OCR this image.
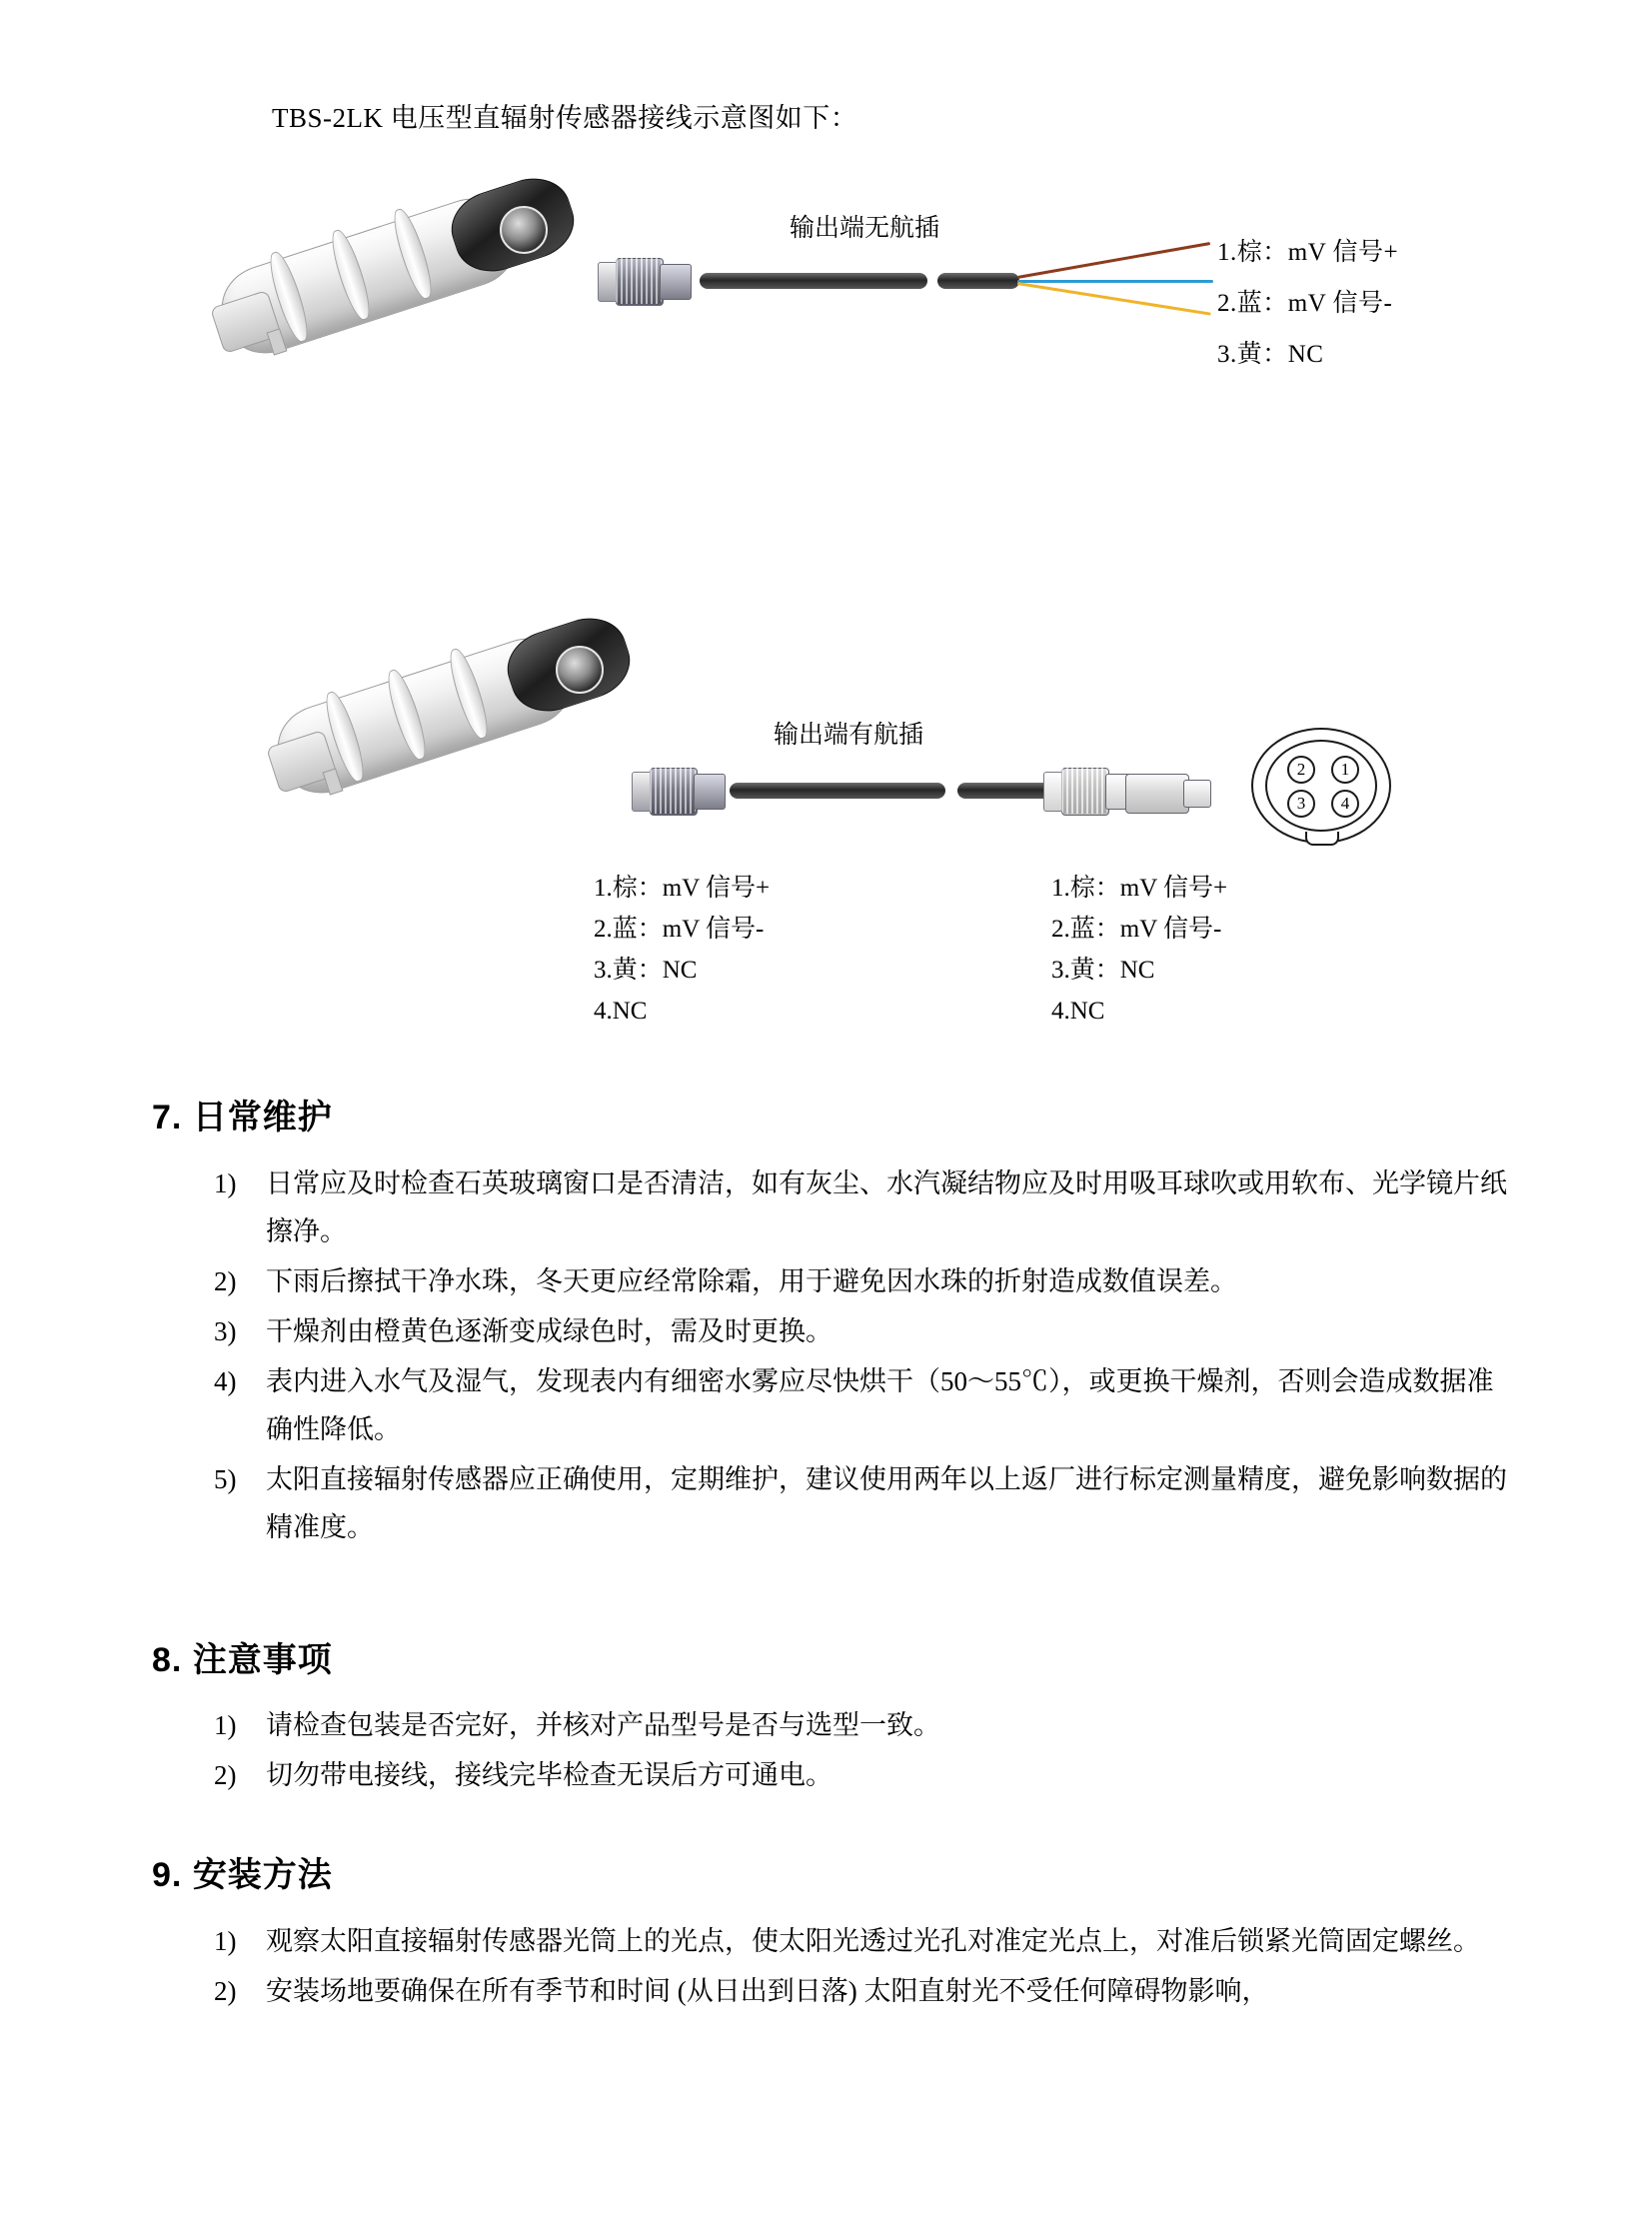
TBS-2LK 电压型直辐射传感器接线示意图如下：
输出端无航插
1.棕：mV 信号+
2.蓝：mV 信号-
3.黄：NC
1
2
3	4
输出端有航插
1.棕：mV 信号+
2.蓝：mV 信号-
3.黄：NC
4.NC
1.棕：mV 信号+
2.蓝：mV 信号-
3.黄：NC
4.NC
7. 日常维护
1)	日常应及时检查石英玻璃窗口是否清洁，如有灰尘、水汽凝结物应及时用吸耳球吹或用软布、光学镜片纸擦净。
2)	下雨后擦拭干净水珠，冬天更应经常除霜，用于避免因水珠的折射造成数值误差。
3)	干燥剂由橙黄色逐渐变成绿色时，需及时更换。
4)	表内进入水气及湿气，发现表内有细密水雾应尽快烘干（50～55℃），或更换干燥剂，否则会造成数据准确性降低。
5)	太阳直接辐射传感器应正确使用，定期维护，建议使用两年以上返厂进行标定测量精度，避免影响数据的精准度。
8. 注意事项
1)	请检查包装是否完好，并核对产品型号是否与选型一致。
2)	切勿带电接线，接线完毕检查无误后方可通电。
9. 安装方法
1)	观察太阳直接辐射传感器光筒上的光点，使太阳光透过光孔对准定光点上，对准后锁紧光筒固定螺丝。
2)	安装场地要确保在所有季节和时间 (从日出到日落) 太阳直射光不受任何障碍物影响，
